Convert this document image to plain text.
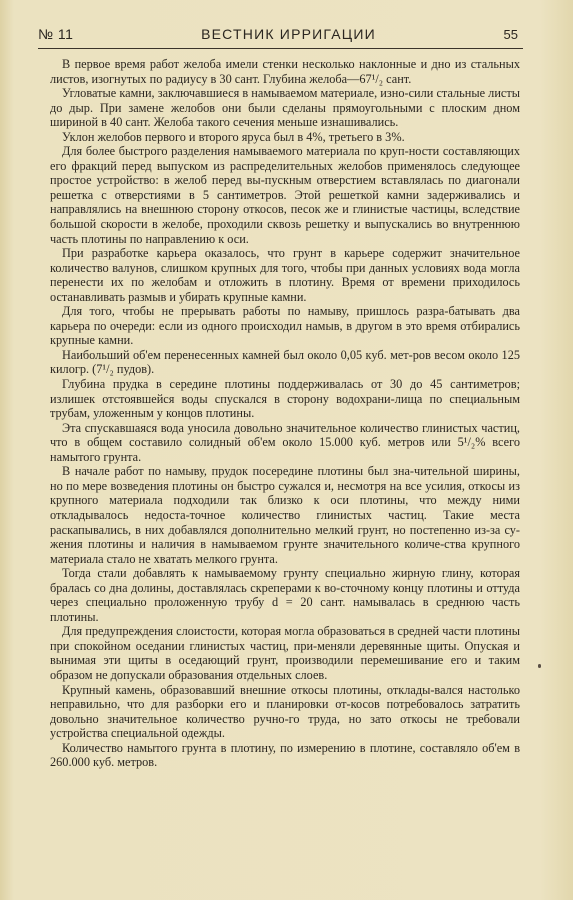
№ 11	ВЕСТНИК ИРРИГАЦИИ	55

В первое время работ желоба имели стенки несколько наклонные и дно из стальных листов, изогнутых по радиусу в 30 сант. Глубина желоба—67¹/₂ сант.

Угловатые камни, заключавшиеся в намываемом материале, изно-сили стальные листы до дыр. При замене желобов они были сделаны прямоугольными с плоским дном шириной в 40 сант. Желоба такого сечения меньше изнашивались.

Уклон желобов первого и второго яруса был в 4%, третьего в 3%.

Для более быстрого разделения намываемого материала по круп-ности составляющих его фракций перед выпуском из распределительных желобов применялось следующее простое устройство: в желоб перед вы-пускным отверстием вставлялась по диагонали решетка с отверстиями в 5 сантиметров. Этой решеткой камни задерживались и направлялись на внешнюю сторону откосов, песок же и глинистые частицы, вследствие большой скорости в желобе, проходили сквозь решетку и выпускались во внутреннюю часть плотины по направлению к оси.

При разработке карьера оказалось, что грунт в карьере содержит значительное количество валунов, слишком крупных для того, чтобы при данных условиях вода могла перенести их по желобам и отложить в плотину. Время от времени приходилось останавливать размыв и убирать крупные камни.

Для того, чтобы не прерывать работы по намыву, пришлось разра-батывать два карьера по очереди: если из одного происходил намыв, в другом в это время отбирались крупные камни.

Наибольший об'ем перенесенных камней был около 0,05 куб. мет-ров весом около 125 килогр. (7¹/₂ пудов).

Глубина прудка в середине плотины поддерживалась от 30 до 45 сантиметров; излишек отстоявшейся воды спускался в сторону водохрани-лища по специальным трубам, уложенным у концов плотины.

Эта спускавшаяся вода уносила довольно значительное количество глинистых частиц, что в общем составило солидный об'ем около 15.000 куб. метров или 5¹/₂% всего намытого грунта.

В начале работ по намыву, прудок посередине плотины был зна-чительной ширины, но по мере возведения плотины он быстро сужался и, несмотря на все усилия, откосы из крупного материала подходили так близко к оси плотины, что между ними откладывалось недоста-точное количество глинистых частиц. Такие места раскапывались, в них добавлялся дополнительно мелкий грунт, но постепенно из-за су-жения плотины и наличия в намываемом грунте значительного количе-ства крупного материала стало не хватать мелкого грунта.

Тогда стали добавлять к намываемому грунту специально жирную глину, которая бралась со дна долины, доставлялась скреперами к во-сточному концу плотины и оттуда через специально проложенную трубу d = 20 сант. намывалась в среднюю часть плотины.

Для предупреждения слоистости, которая могла образоваться в средней части плотины при спокойном оседании глинистых частиц, при-меняли деревянные щиты. Опуская и вынимая эти щиты в оседающий грунт, производили перемешивание его и таким образом не допускали образования отдельных слоев.

Крупный камень, образовавший внешние откосы плотины, отклады-вался настолько неправильно, что для разборки его и планировки от-косов потребовалось затратить довольно значительное количество ручно-го труда, но зато откосы не требовали устройства специальной одежды.

Количество намытого грунта в плотину, по измерению в плотине, составляло об'ем в 260.000 куб. метров.
